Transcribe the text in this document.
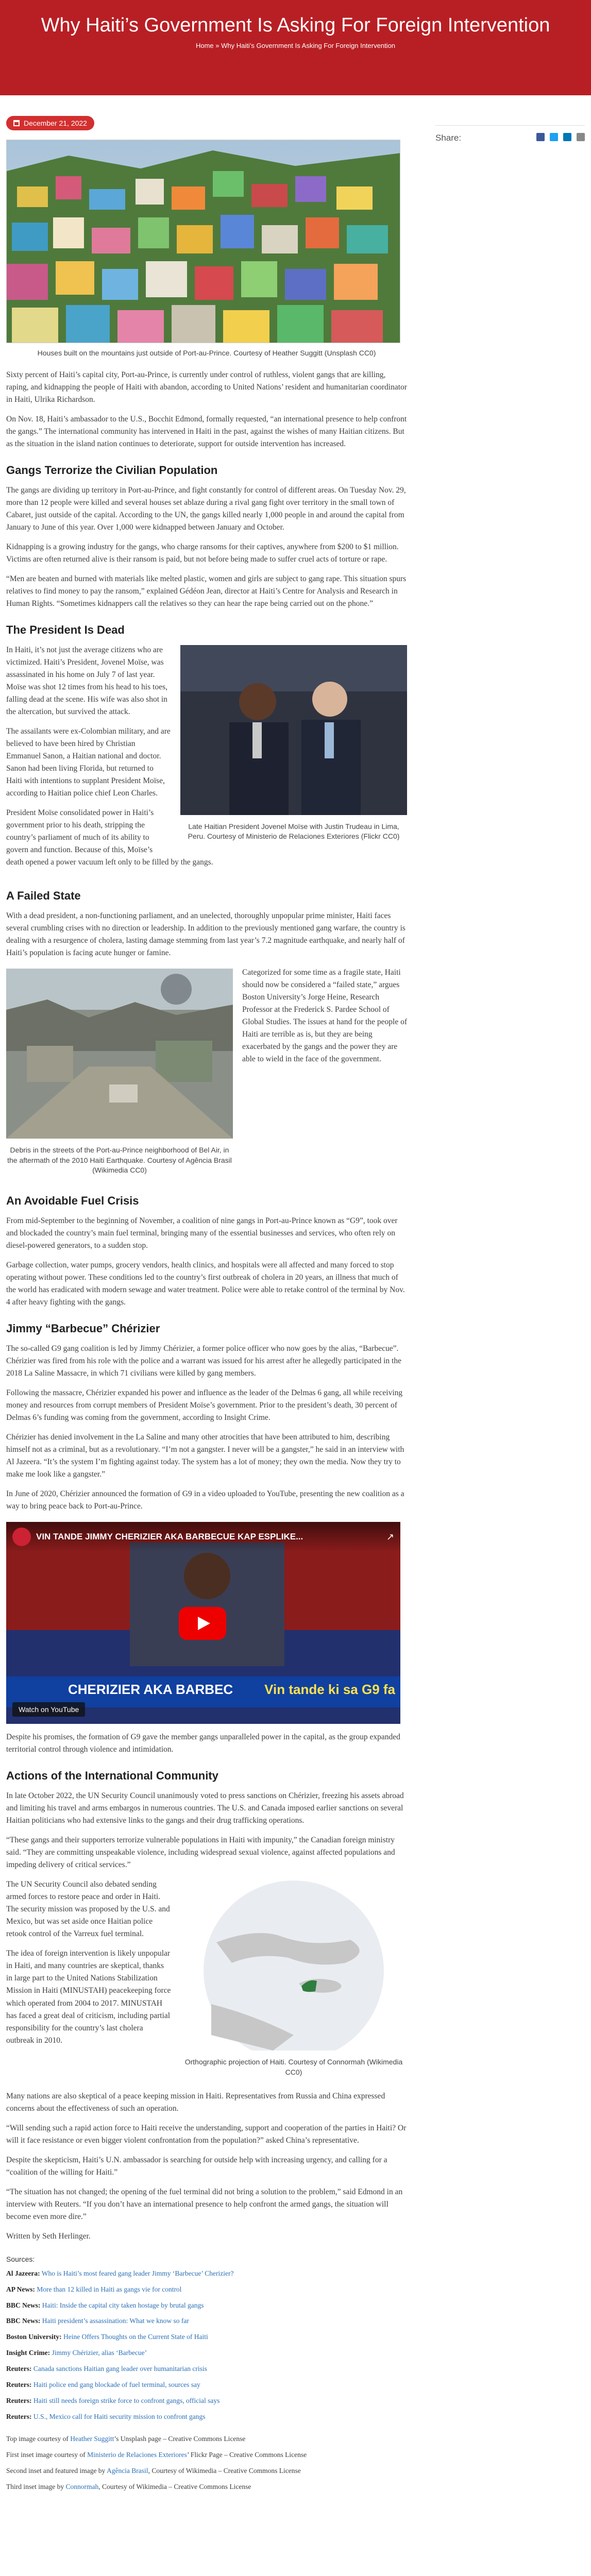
Why Haiti’s Government Is Asking For Foreign Intervention
Home » Why Haiti’s Government Is Asking For Foreign Intervention
Share:
December 21, 2022
Houses built on the mountains just outside of Port-au-Prince. Courtesy of Heather Suggitt (Unsplash CC0)

Sixty percent of Haiti’s capital city, Port-au-Prince, is currently under control of ruthless, violent gangs that are killing, raping, and kidnapping the people of Haiti with abandon, according to United Nations’ resident and humanitarian coordinator in Haiti, Ulrika Richardson.

On Nov. 18, Haiti’s ambassador to the U.S., Bocchit Edmond, formally requested, “an international presence to help confront the gangs.” The international community has intervened in Haiti in the past, against the wishes of many Haitian citizens. But as the situation in the island nation continues to deteriorate, support for outside intervention has increased.

Gangs Terrorize the Civilian Population

The gangs are dividing up territory in Port-au-Prince, and fight constantly for control of different areas. On Tuesday Nov. 29, more than 12 people were killed and several houses set ablaze during a rival gang fight over territory in the small town of Cabaret, just outside of the capital. According to the UN, the gangs killed nearly 1,000 people in and around the capital from January to June of this year. Over 1,000 were kidnapped between January and October.

Kidnapping is a growing industry for the gangs, who charge ransoms for their captives, anywhere from $200 to $1 million. Victims are often returned alive is their ransom is paid, but not before being made to suffer cruel acts of torture or rape.

“Men are beaten and burned with materials like melted plastic, women and girls are subject to gang rape. This situation spurs relatives to find money to pay the ransom,” explained Gédéon Jean, director at Haiti’s Centre for Analysis and Research in Human Rights. “Sometimes kidnappers call the relatives so they can hear the rape being carried out on the phone.”

The President Is Dead
Late Haitian President Jovenel Moïse with Justin Trudeau in Lima, Peru. Courtesy of Ministerio de Relaciones Exteriores (Flickr CC0)

In Haiti, it’s not just the average citizens who are victimized. Haiti’s President, Jovenel Moïse, was assassinated in his home on July 7 of last year. Moïse was shot 12 times from his head to his toes, falling dead at the scene. His wife was also shot in the altercation, but survived the attack.

The assailants were ex-Colombian military, and are believed to have been hired by Christian Emmanuel Sanon, a Haitian national and doctor. Sanon had been living Florida, but returned to Haiti with intentions to supplant President Moïse, according to Haitian police chief Leon Charles.

President Moïse consolidated power in Haiti’s government prior to his death, stripping the country’s parliament of much of its ability to govern and function. Because of this, Moïse’s death opened a power vacuum left only to be filled by the gangs.

A Failed State

With a dead president, a non-functioning parliament, and an unelected, thoroughly unpopular prime minister, Haiti faces several crumbling crises with no direction or leadership. In addition to the previously mentioned gang warfare, the country is dealing with a resurgence of cholera, lasting damage stemming from last year’s 7.2 magnitude earthquake, and nearly half of Haiti’s population is facing acute hunger or famine.

Debris in the streets of the Port-au-Prince neighborhood of Bel Air, in the aftermath of the 2010 Haiti Earthquake. Courtesy of Agência Brasil (Wikimedia CC0)

Categorized for some time as a fragile state, Haiti should now be considered a “failed state,” argues Boston University’s Jorge Heine, Research Professor at the Frederick S. Pardee School of Global Studies. The issues at hand for the people of Haiti are terrible as is, but they are being exacerbated by the gangs and the power they are able to wield in the face of the government.

An Avoidable Fuel Crisis

From mid-September to the beginning of November, a coalition of nine gangs in Port-au-Prince known as “G9”, took over and blockaded the country’s main fuel terminal, bringing many of the essential businesses and services, who often rely on diesel-powered generators, to a sudden stop.

Garbage collection, water pumps, grocery vendors, health clinics, and hospitals were all affected and many forced to stop operating without power. These conditions led to the country’s first outbreak of cholera in 20 years, an illness that much of the world has eradicated with modern sewage and water treatment. Police were able to retake control of the terminal by Nov. 4 after heavy fighting with the gangs.

Jimmy “Barbecue” Chérizier

The so-called G9 gang coalition is led by Jimmy Chérizier, a former police officer who now goes by the alias, “Barbecue”. Chérizier was fired from his role with the police and a warrant was issued for his arrest after he allegedly participated in the 2018 La Saline Massacre, in which 71 civilians were killed by gang members.

Following the massacre, Chérizier expanded his power and influence as the leader of the Delmas 6 gang, all while receiving money and resources from corrupt members of President Moïse’s government. Prior to the president’s death, 30 percent of Delmas 6’s funding was coming from the government, according to Insight Crime.

Chérizier has denied involvement in the La Saline and many other atrocities that have been attributed to him, describing himself not as a criminal, but as a revolutionary. “I’m not a gangster. I never will be a gangster,” he said in an interview with Al Jazeera. “It’s the system I’m fighting against today. The system has a lot of money; they own the media. Now they try to make me look like a gangster.”

In June of 2020, Chérizier announced the formation of G9 in a video uploaded to YouTube, presenting the new coalition as a way to bring peace back to Port-au-Prince.

VIN TANDE JIMMY CHERIZIER AKA BARBECUE KAP ESPLIKE...	↗
CHERIZIER AKA BARBEC Vin tande ki sa G9 fa
Watch on YouTube

Despite his promises, the formation of G9 gave the member gangs unparalleled power in the capital, as the group expanded territorial control through violence and intimidation.

Actions of the International Community

In late October 2022, the UN Security Council unanimously voted to press sanctions on Chérizier, freezing his assets abroad and limiting his travel and arms embargos in numerous countries. The U.S. and Canada imposed earlier sanctions on several Haitian politicians who had extensive links to the gangs and their drug trafficking operations.

“These gangs and their supporters terrorize vulnerable populations in Haiti with impunity,” the Canadian foreign ministry said. “They are committing unspeakable violence, including widespread sexual violence, against affected populations and impeding delivery of critical services.”

Orthographic projection of Haiti. Courtesy of Connormah (Wikimedia CC0)

The UN Security Council also debated sending armed forces to restore peace and order in Haiti. The security mission was proposed by the U.S. and Mexico, but was set aside once Haitian police retook control of the Varreux fuel terminal.

The idea of foreign intervention is likely unpopular in Haiti, and many countries are skeptical, thanks in large part to the United Nations Stabilization Mission in Haiti (MINUSTAH) peacekeeping force which operated from 2004 to 2017. MINUSTAH has faced a great deal of criticism, including partial responsibility for the country’s last cholera outbreak in 2010.

Many nations are also skeptical of a peace keeping mission in Haiti. Representatives from Russia and China expressed concerns about the effectiveness of such an operation.

“Will sending such a rapid action force to Haiti receive the understanding, support and cooperation of the parties in Haiti? Or will it face resistance or even bigger violent confrontation from the population?” asked China’s representative.

Despite the skepticism, Haiti’s U.N. ambassador is searching for outside help with increasing urgency, and calling for a “coalition of the willing for Haiti.”

“The situation has not changed; the opening of the fuel terminal did not bring a solution to the problem,” said Edmond in an interview with Reuters. “If you don’t have an international presence to help confront the armed gangs, the situation will become even more dire.”

Written by Seth Herlinger.

Sources:

Al Jazeera: Who is Haiti’s most feared gang leader Jimmy ‘Barbecue’ Cherizier?

AP News: More than 12 killed in Haiti as gangs vie for control

BBC News: Haiti: Inside the capital city taken hostage by brutal gangs

BBC News: Haiti president’s assassination: What we know so far

Boston University: Heine Offers Thoughts on the Current State of Haiti

Insight Crime: Jimmy Chérizier, alias ‘Barbecue’

Reuters: Canada sanctions Haitian gang leader over humanitarian crisis

Reuters: Haiti police end gang blockade of fuel terminal, sources say

Reuters: Haiti still needs foreign strike force to confront gangs, official says

Reuters: U.S., Mexico call for Haiti security mission to confront gangs

Top image courtesy of Heather Suggitt’s Unsplash page – Creative Commons License

First inset image courtesy of Ministerio de Relaciones Exteriores’ Flickr Page – Creative Commons License

Second inset and featured image by Agência Brasil, Courtesy of Wikimedia – Creative Commons License

Third inset image by Connormah, Courtesy of Wikimedia – Creative Commons License
